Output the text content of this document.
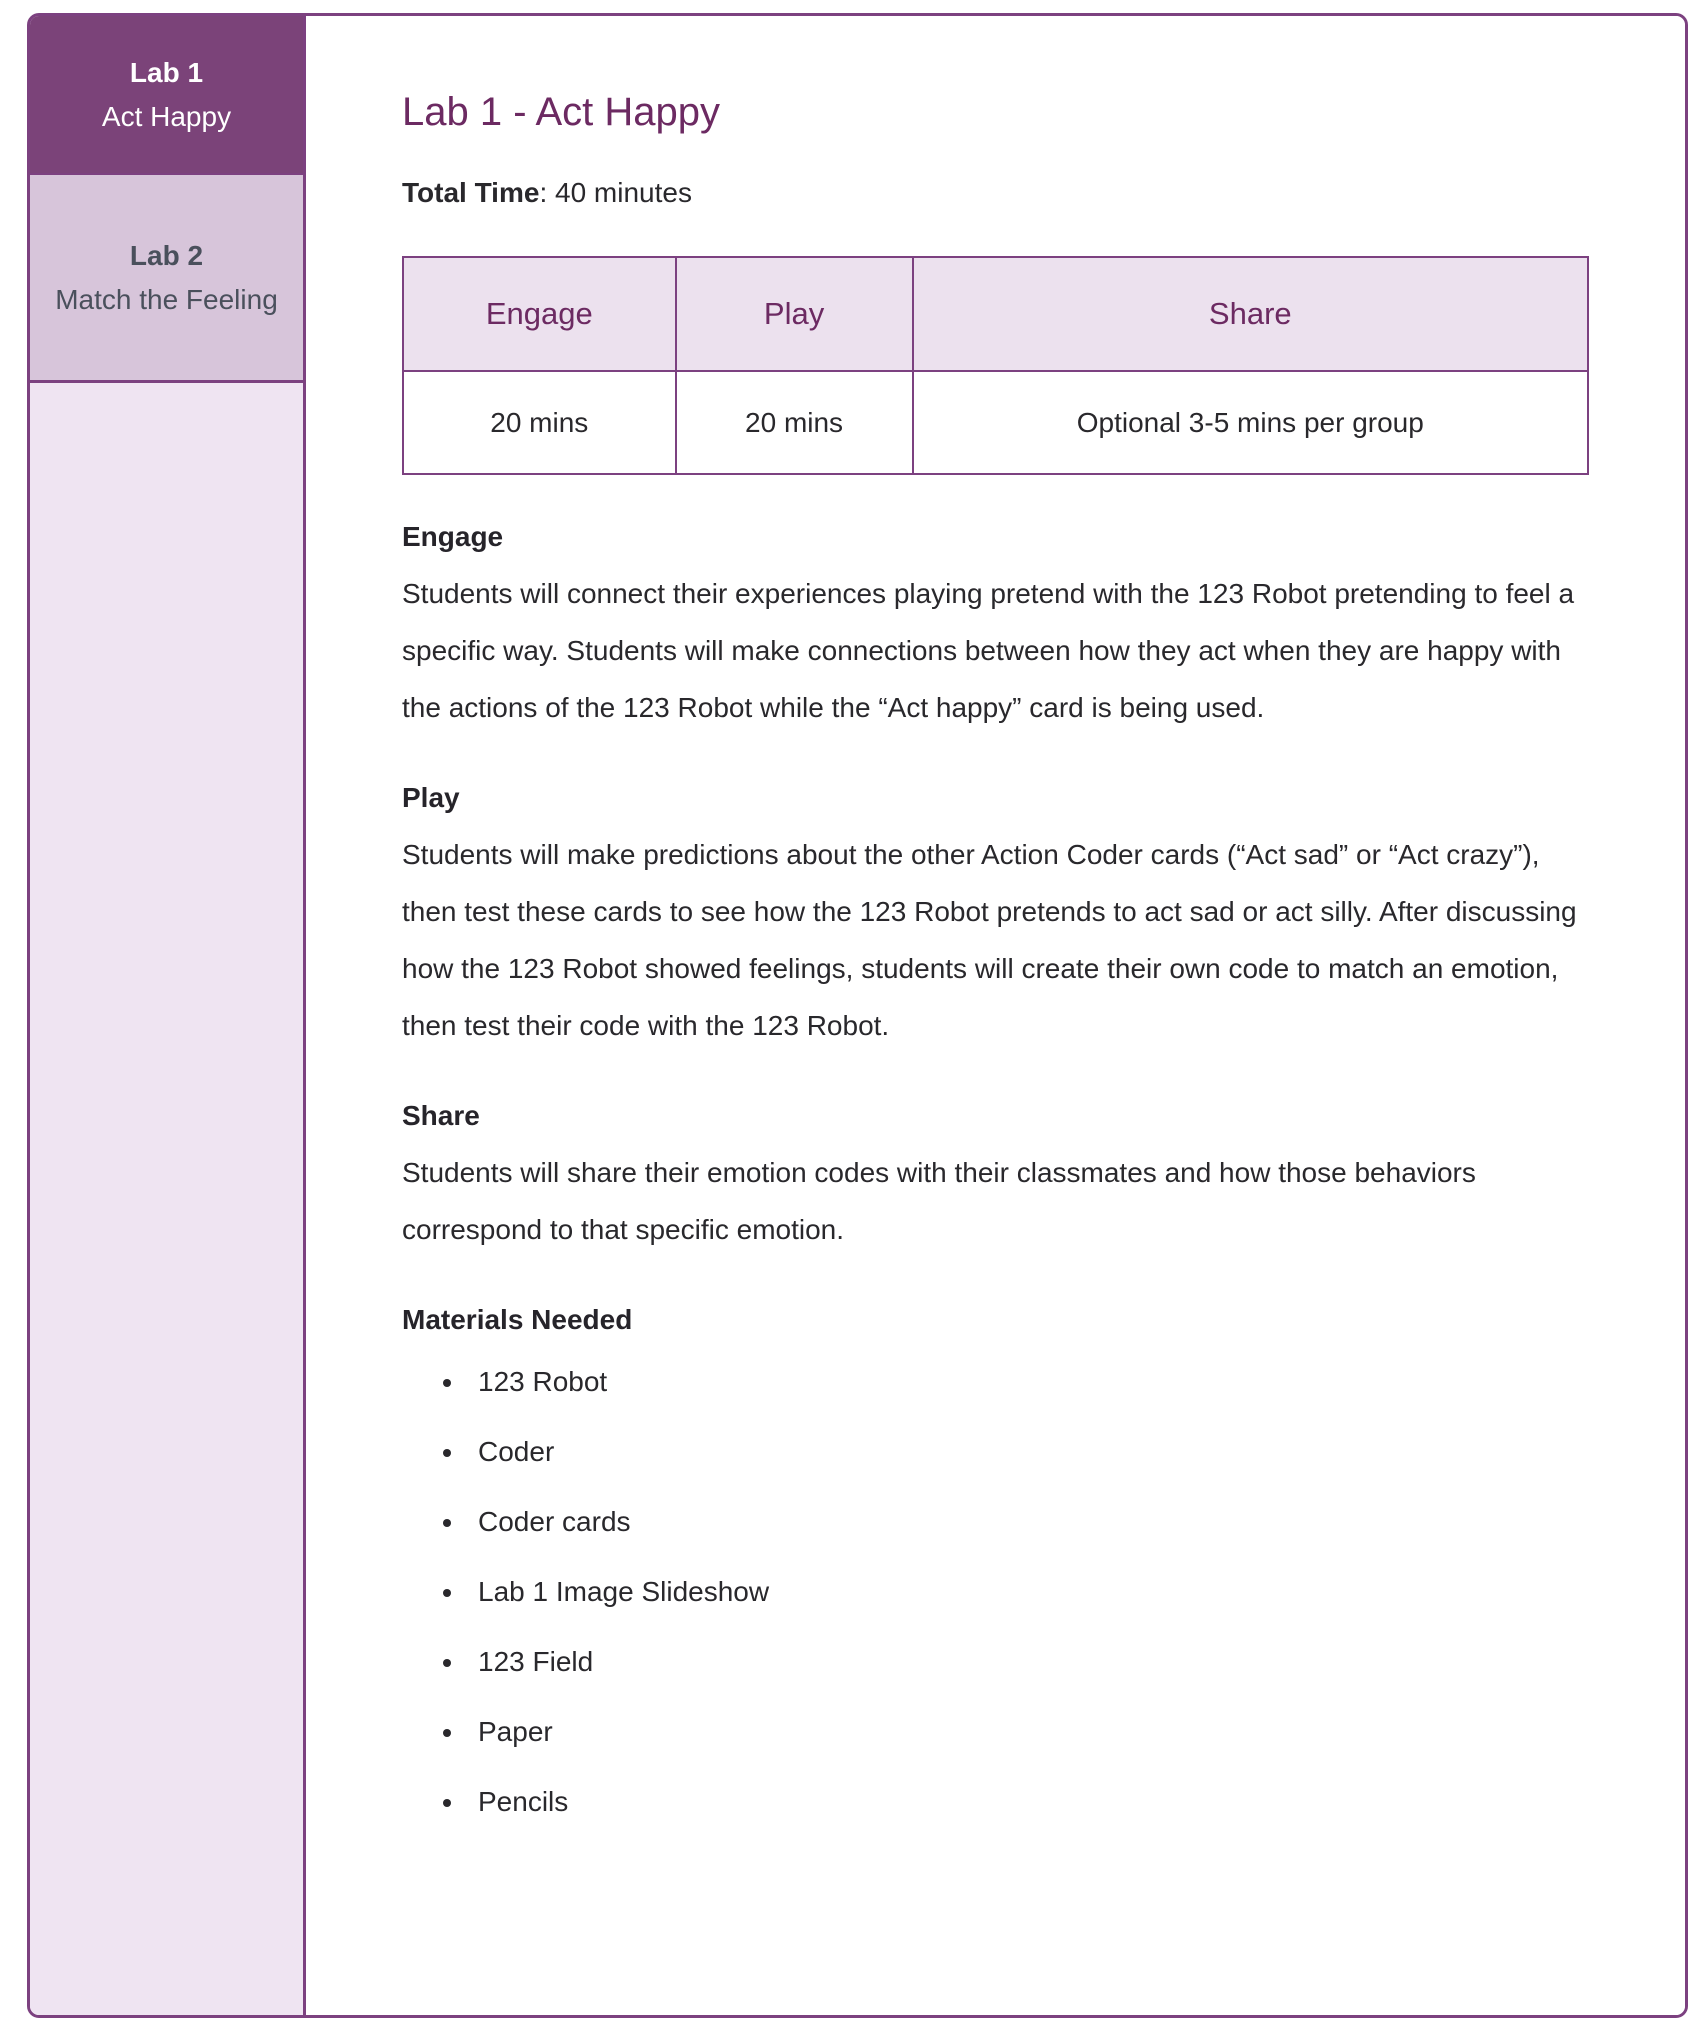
Lab 1
Act Happy
Lab 2
Match the Feeling
Lab 1 - Act Happy

Total Time: 40 minutes

Engage	Play	Share
20 mins	20 mins	Optional 3-5 mins per group
Engage

Students will connect their experiences playing pretend with the 123 Robot pretending to feel a specific way. Students will make connections between how they act when they are happy with the actions of the 123 Robot while the “Act happy” card is being used.

Play

Students will make predictions about the other Action Coder cards (“Act sad” or “Act crazy”), then test these cards to see how the 123 Robot pretends to act sad or act silly. After discussing how the 123 Robot showed feelings, students will create their own code to match an emotion, then test their code with the 123 Robot.

Share

Students will share their emotion codes with their classmates and how those behaviors correspond to that specific emotion.

Materials Needed
• 123 Robot
• Coder
• Coder cards
• Lab 1 Image Slideshow
• 123 Field
• Paper
• Pencils
